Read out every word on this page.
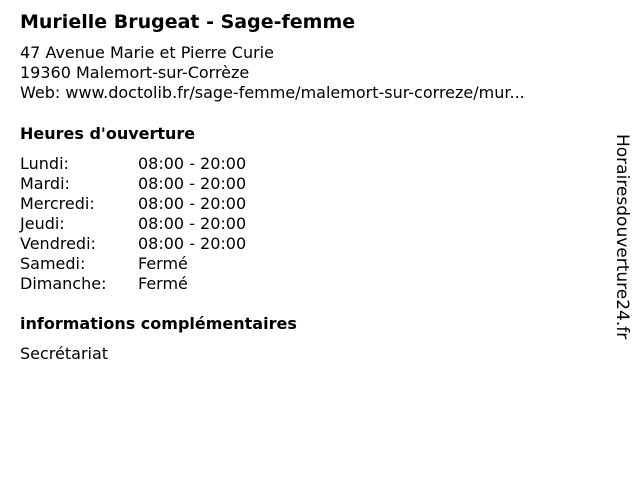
Murielle Brugeat - Sage-femme
47 Avenue Marie et Pierre Curie
19360 Malemort-sur-Corrèze
Web: www.doctolib.fr/sage-femme/malemort-sur-correze/mur...
Heures d'ouverture
Lundi:	08:00 - 20:00
Mardi:	08:00 - 20:00
Mercredi:	08:00 - 20:00
Jeudi:	08:00 - 20:00
Vendredi:	08:00 - 20:00
Samedi:	Fermé
Dimanche: Fermé
informations complémentaires
Secrétariat
Horairesdouverture24.fr
